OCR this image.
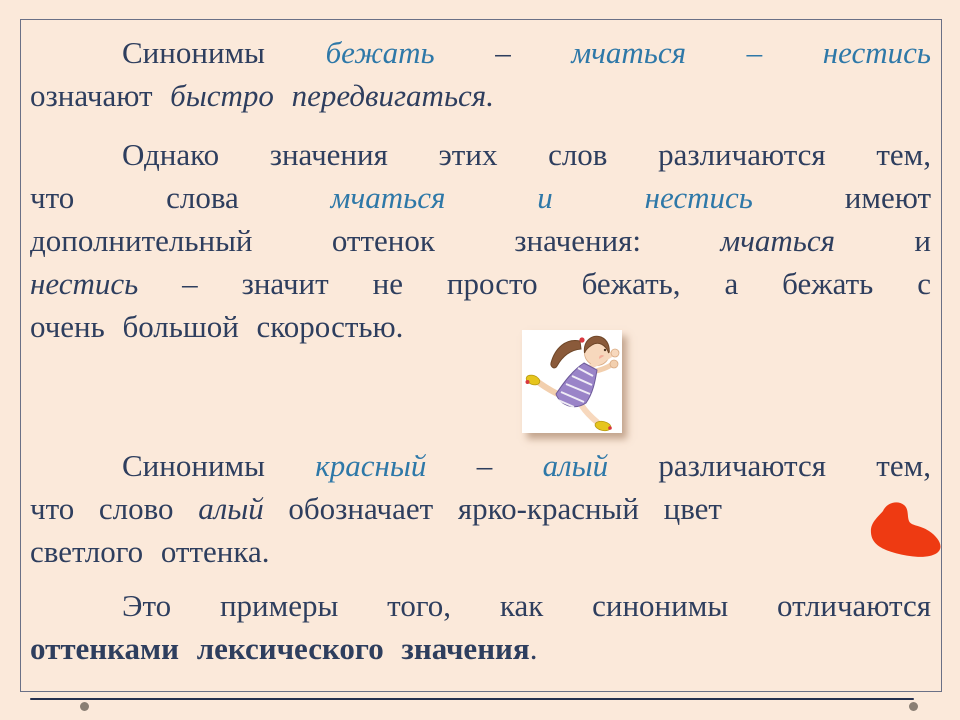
Синонимы бежать – мчаться – нестись
означают быстро передвигаться.
Однако значения этих слов различаются тем,
что слова мчаться и нестись имеют
дополнительный оттенок значения: мчаться и
нестись – значит не просто бежать, а бежать с
очень большой скоростью.
Синонимы красный – алый различаются тем,
что слово алый обозначает ярко-красный цвет
светлого оттенка.
Это примеры того, как синонимы отличаются
оттенками лексического значения.
